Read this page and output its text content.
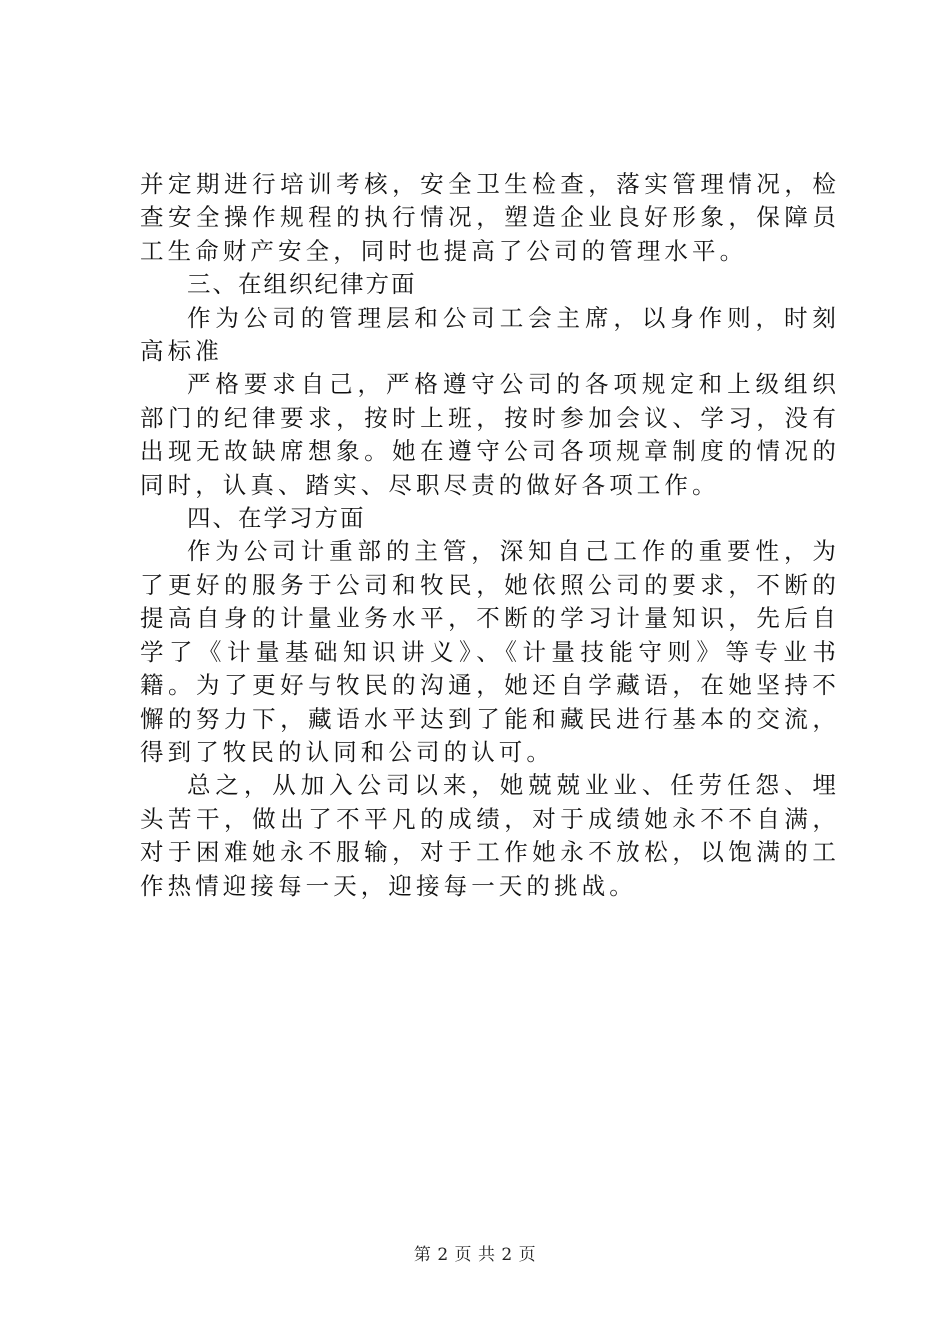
并定期进行培训考核，安全卫生检查，落实管理情况，检查安全操作规程的执行情况，塑造企业良好形象，保障员工生命财产安全，同时也提高了公司的管理水平。

三、在组织纪律方面

作为公司的管理层和公司工会主席，以身作则，时刻高标准

严格要求自己，严格遵守公司的各项规定和上级组织部门的纪律要求，按时上班，按时参加会议、学习，没有出现无故缺席想象。她在遵守公司各项规章制度的情况的同时，认真、踏实、尽职尽责的做好各项工作。

四、在学习方面

作为公司计重部的主管，深知自己工作的重要性，为了更好的服务于公司和牧民，她依照公司的要求，不断的提高自身的计量业务水平，不断的学习计量知识，先后自学了《计量基础知识讲义》、《计量技能守则》等专业书籍。为了更好与牧民的沟通，她还自学藏语，在她坚持不懈的努力下，藏语水平达到了能和藏民进行基本的交流，得到了牧民的认同和公司的认可。

总之，从加入公司以来，她兢兢业业、任劳任怨、埋头苦干，做出了不平凡的成绩，对于成绩她永不不自满，对于困难她永不服输，对于工作她永不放松，以饱满的工作热情迎接每一天，迎接每一天的挑战。

第 2 页 共 2 页
